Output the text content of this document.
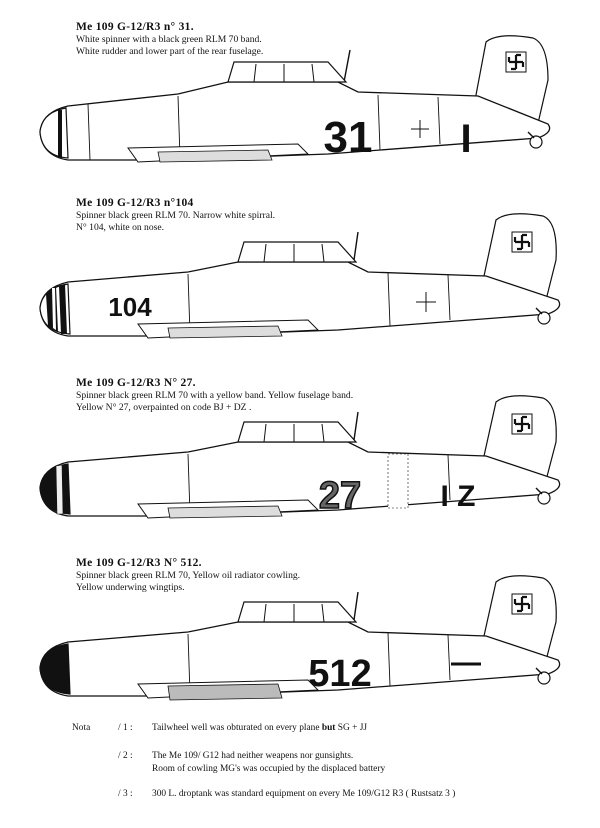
31 I
Me 109 G-12/R3 n° 31.
White spinner with a black green RLM 70 band.
White rudder and lower part of the rear fuselage.
104
Me 109 G-12/R3 n°104
Spinner black green RLM 70. Narrow white spirral.
N° 104, white on nose.
27	I Z
Me 109 G-12/R3 N° 27.
Spinner black green RLM 70 with a yellow band. Yellow fuselage band.
Yellow N° 27, overpainted on code BJ + DZ .
512	—
Me 109 G-12/R3 N° 512.
Spinner black green RLM 70, Yellow oil radiator cowling.
Yellow underwing wingtips.
Nota	/ 1 : Tailwheel well was obturated on every plane but SG + JJ
/ 2 : The Me 109/ G12 had neither weapens nor gunsights.
Room of cowling MG's was occupied by the displaced battery
/ 3 : 300 L. droptank was standard equipment on every Me 109/G12 R3 ( Rustsatz 3 )
